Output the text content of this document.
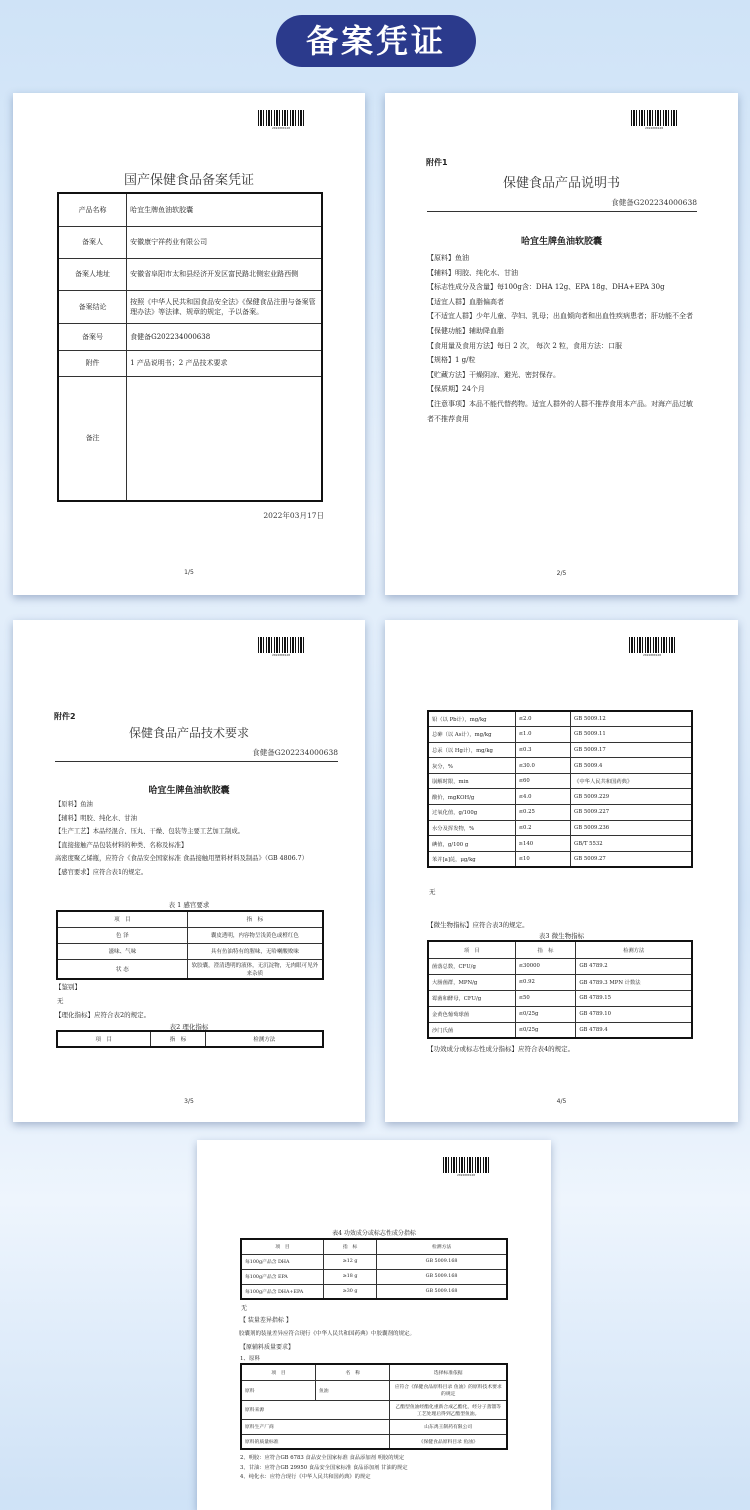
备案凭证
2022000128
国产保健食品备案凭证
产品名称	哈宜生牌鱼油软胶囊
备案人	安徽康宁祥药业有限公司
备案人地址	安徽省阜阳市太和县经济开发区富民路北侧宏业路西侧
备案结论	按照《中华人民共和国食品安全法》《保健食品注册与备案管理办法》等法律、规章的规定，予以备案。
备案号	食健备G202234000638
附件	1 产品说明书；2 产品技术要求
备注	
2022年03月17日
1/5
2022000128
附件1
保健食品产品说明书
食健备G202234000638
哈宜生牌鱼油软胶囊
【原料】鱼油
【辅料】明胶、纯化水、甘油
【标志性成分及含量】每100g含：DHA 12g、EPA 18g、DHA+EPA 30g
【适宜人群】血脂偏高者
【不适宜人群】少年儿童、孕妇、乳母；出血倾向者和出血性疾病患者；肝功能不全者
【保健功能】辅助降血脂
【食用量及食用方法】每日 2 次， 每次 2 粒，食用方法：口服
【规格】1 g/粒
【贮藏方法】干燥阴凉、避光、密封保存。
【保质期】24个月
【注意事项】本品不能代替药物。适宜人群外的人群不推荐食用本产品。对海产品过敏者不推荐食用
2/5
2022000128
附件2
保健食品产品技术要求
食健备G202234000638
哈宜生牌鱼油软胶囊
【原料】鱼油
【辅料】明胶、纯化水、甘油
【生产工艺】本品经混合、压丸、干燥、包装等主要工艺加工制成。
【直接接触产品包装材料的种类、名称及标准】
高密度聚乙烯瓶，应符合《食品安全国家标准 食品接触用塑料材料及制品》（GB 4806.7）
【感官要求】应符合表1的规定。
表 1 感官要求
项　目	指　标
色 泽	囊皮透明，内容物呈浅黄色或橙红色
滋味、气味	具有鱼油特有的腥味，无哈喇酸败味
状 态	软胶囊，澄清透明的液体，无沉淀物，无肉眼可见外来杂质
【鉴别】
无
【理化指标】应符合表2的规定。
表2 理化指标
项　目	指　标	检测方法
3/5
2022000128
铅（以 Pb计），mg/kg	≤2.0	GB 5009.12
总砷（以 As计），mg/kg	≤1.0	GB 5009.11
总汞（以 Hg计），mg/kg	≤0.3	GB 5009.17
灰分，%	≤30.0	GB 5009.4
崩解时限，min	≤60	《中华人民共和国药典》
酸价，mgKOH/g	≤4.0	GB 5009.229
过氧化值，g/100g	≤0.25	GB 5009.227
水分及挥发物，%	≤0.2	GB 5009.236
碘值，g/100 g	≥140	GB/T 5532
苯并[a]芘，μg/kg	≤10	GB 5009.27
无
【微生物指标】应符合表3的规定。
表3 微生物指标
项　目	指　标	检测方法
菌落总数，CFU/g	≤30000	GB 4789.2
大肠菌群，MPN/g	≤0.92	GB 4789.3 MPN 计数法
霉菌和酵母，CFU/g	≤50	GB 4789.15
金黄色葡萄球菌	≤0/25g	GB 4789.10
沙门氏菌	≤0/25g	GB 4789.4
【功效成分或标志性成分指标】应符合表4的规定。
4/5
2022000128
表4 功效成分或标志性成分指标
项　目	指　标	检测方法
每100g产品含 DHA	≥12 g	GB 5009.168
每100g产品含 EPA	≥18 g	GB 5009.168
每100g产品含 DHA+EPA	≥30 g	GB 5009.168
无
【 装量差异指标 】
胶囊剂的装量差异应符合现行《中华人民共和国药典》中胶囊剂的规定。
【原辅料质量要求】
1、原料
项　目	名　称	选择标准依据
原料	鱼油	应符合《保健食品原料目录 鱼油》的原料技术要求的规定
原料来源		乙酯型鱼油经酯化重新合成乙酯化，经分子蒸馏等工艺处理后得到乙酯型鱼油。
原料生产厂商		山东禹王制药有限公司
原料的质量标准		《保健食品原料目录 鱼油》
2、明胶：应符合GB 6783 食品安全国家标准 食品添加剂 明胶的规定
3、甘油：应符合GB 29950 食品安全国家标准 食品添加剂 甘油的规定
4、纯化水：应符合现行《中华人民共和国药典》的规定
